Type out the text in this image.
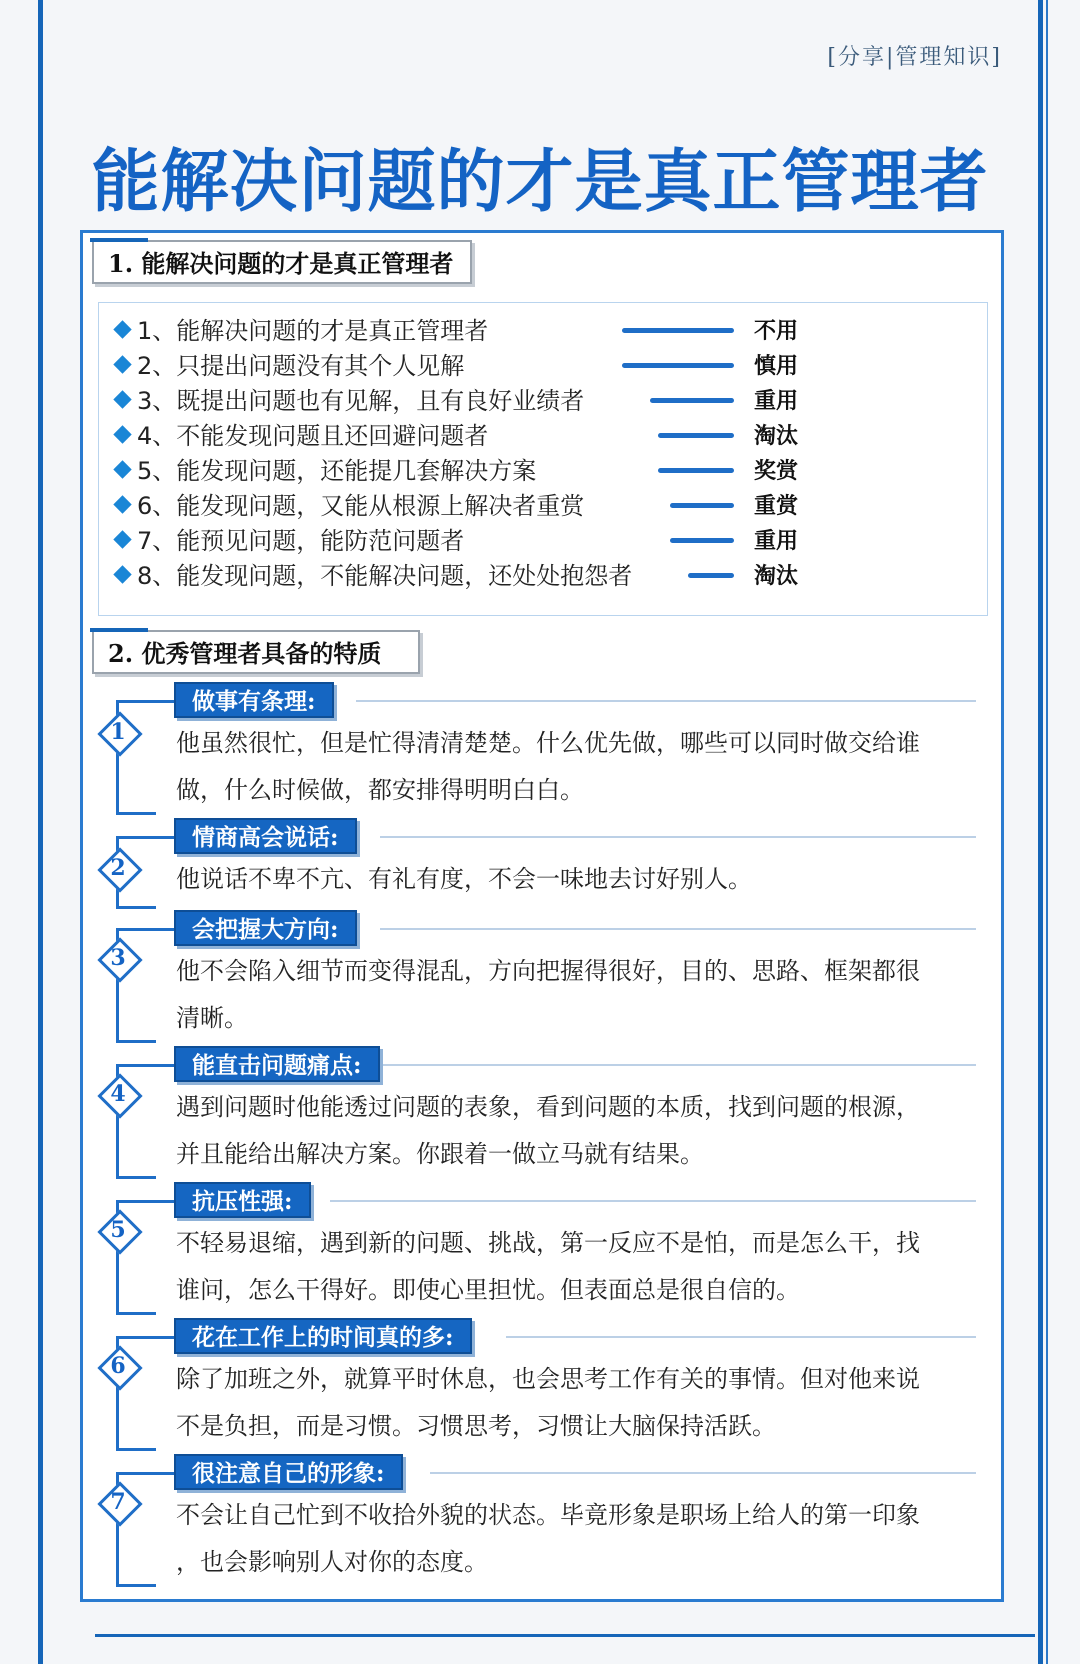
[分享|管理知识]
能解决问题的才是真正管理者
1. 能解决问题的才是真正管理者
1、能解决问题的才是真正管理者	不用
2、只提出问题没有其个人见解	慎用
3、既提出问题也有见解，且有良好业绩者	重用
4、不能发现问题且还回避问题者	淘汰
5、能发现问题，还能提几套解决方案	奖赏
6、能发现问题，又能从根源上解决者重赏	重赏
7、能预见问题，能防范问题者	重用
8、能发现问题，不能解决问题，还处处抱怨者	淘汰
2. 优秀管理者具备的特质
做事有条理:
1	他虽然很忙，但是忙得清清楚楚。什么优先做，哪些可以同时做交给谁
做，什么时候做，都安排得明明白白。
情商高会说话:
2	他说话不卑不亢、有礼有度，不会一味地去讨好别人。
会把握大方向:
3	他不会陷入细节而变得混乱，方向把握得很好，目的、思路、框架都很
清晰。
能直击问题痛点:
4	遇到问题时他能透过问题的表象，看到问题的本质，找到问题的根源，
并且能给出解决方案。你跟着一做立马就有结果。
抗压性强:
5	不轻易退缩，遇到新的问题、挑战，第一反应不是怕，而是怎么干，找
谁问，怎么干得好。即使心里担忧。但表面总是很自信的。
花在工作上的时间真的多:
6	除了加班之外，就算平时休息，也会思考工作有关的事情。但对他来说
不是负担，而是习惯。习惯思考，习惯让大脑保持活跃。
很注意自己的形象:
7	不会让自己忙到不收拾外貌的状态。毕竟形象是职场上给人的第一印象
，也会影响别人对你的态度。
